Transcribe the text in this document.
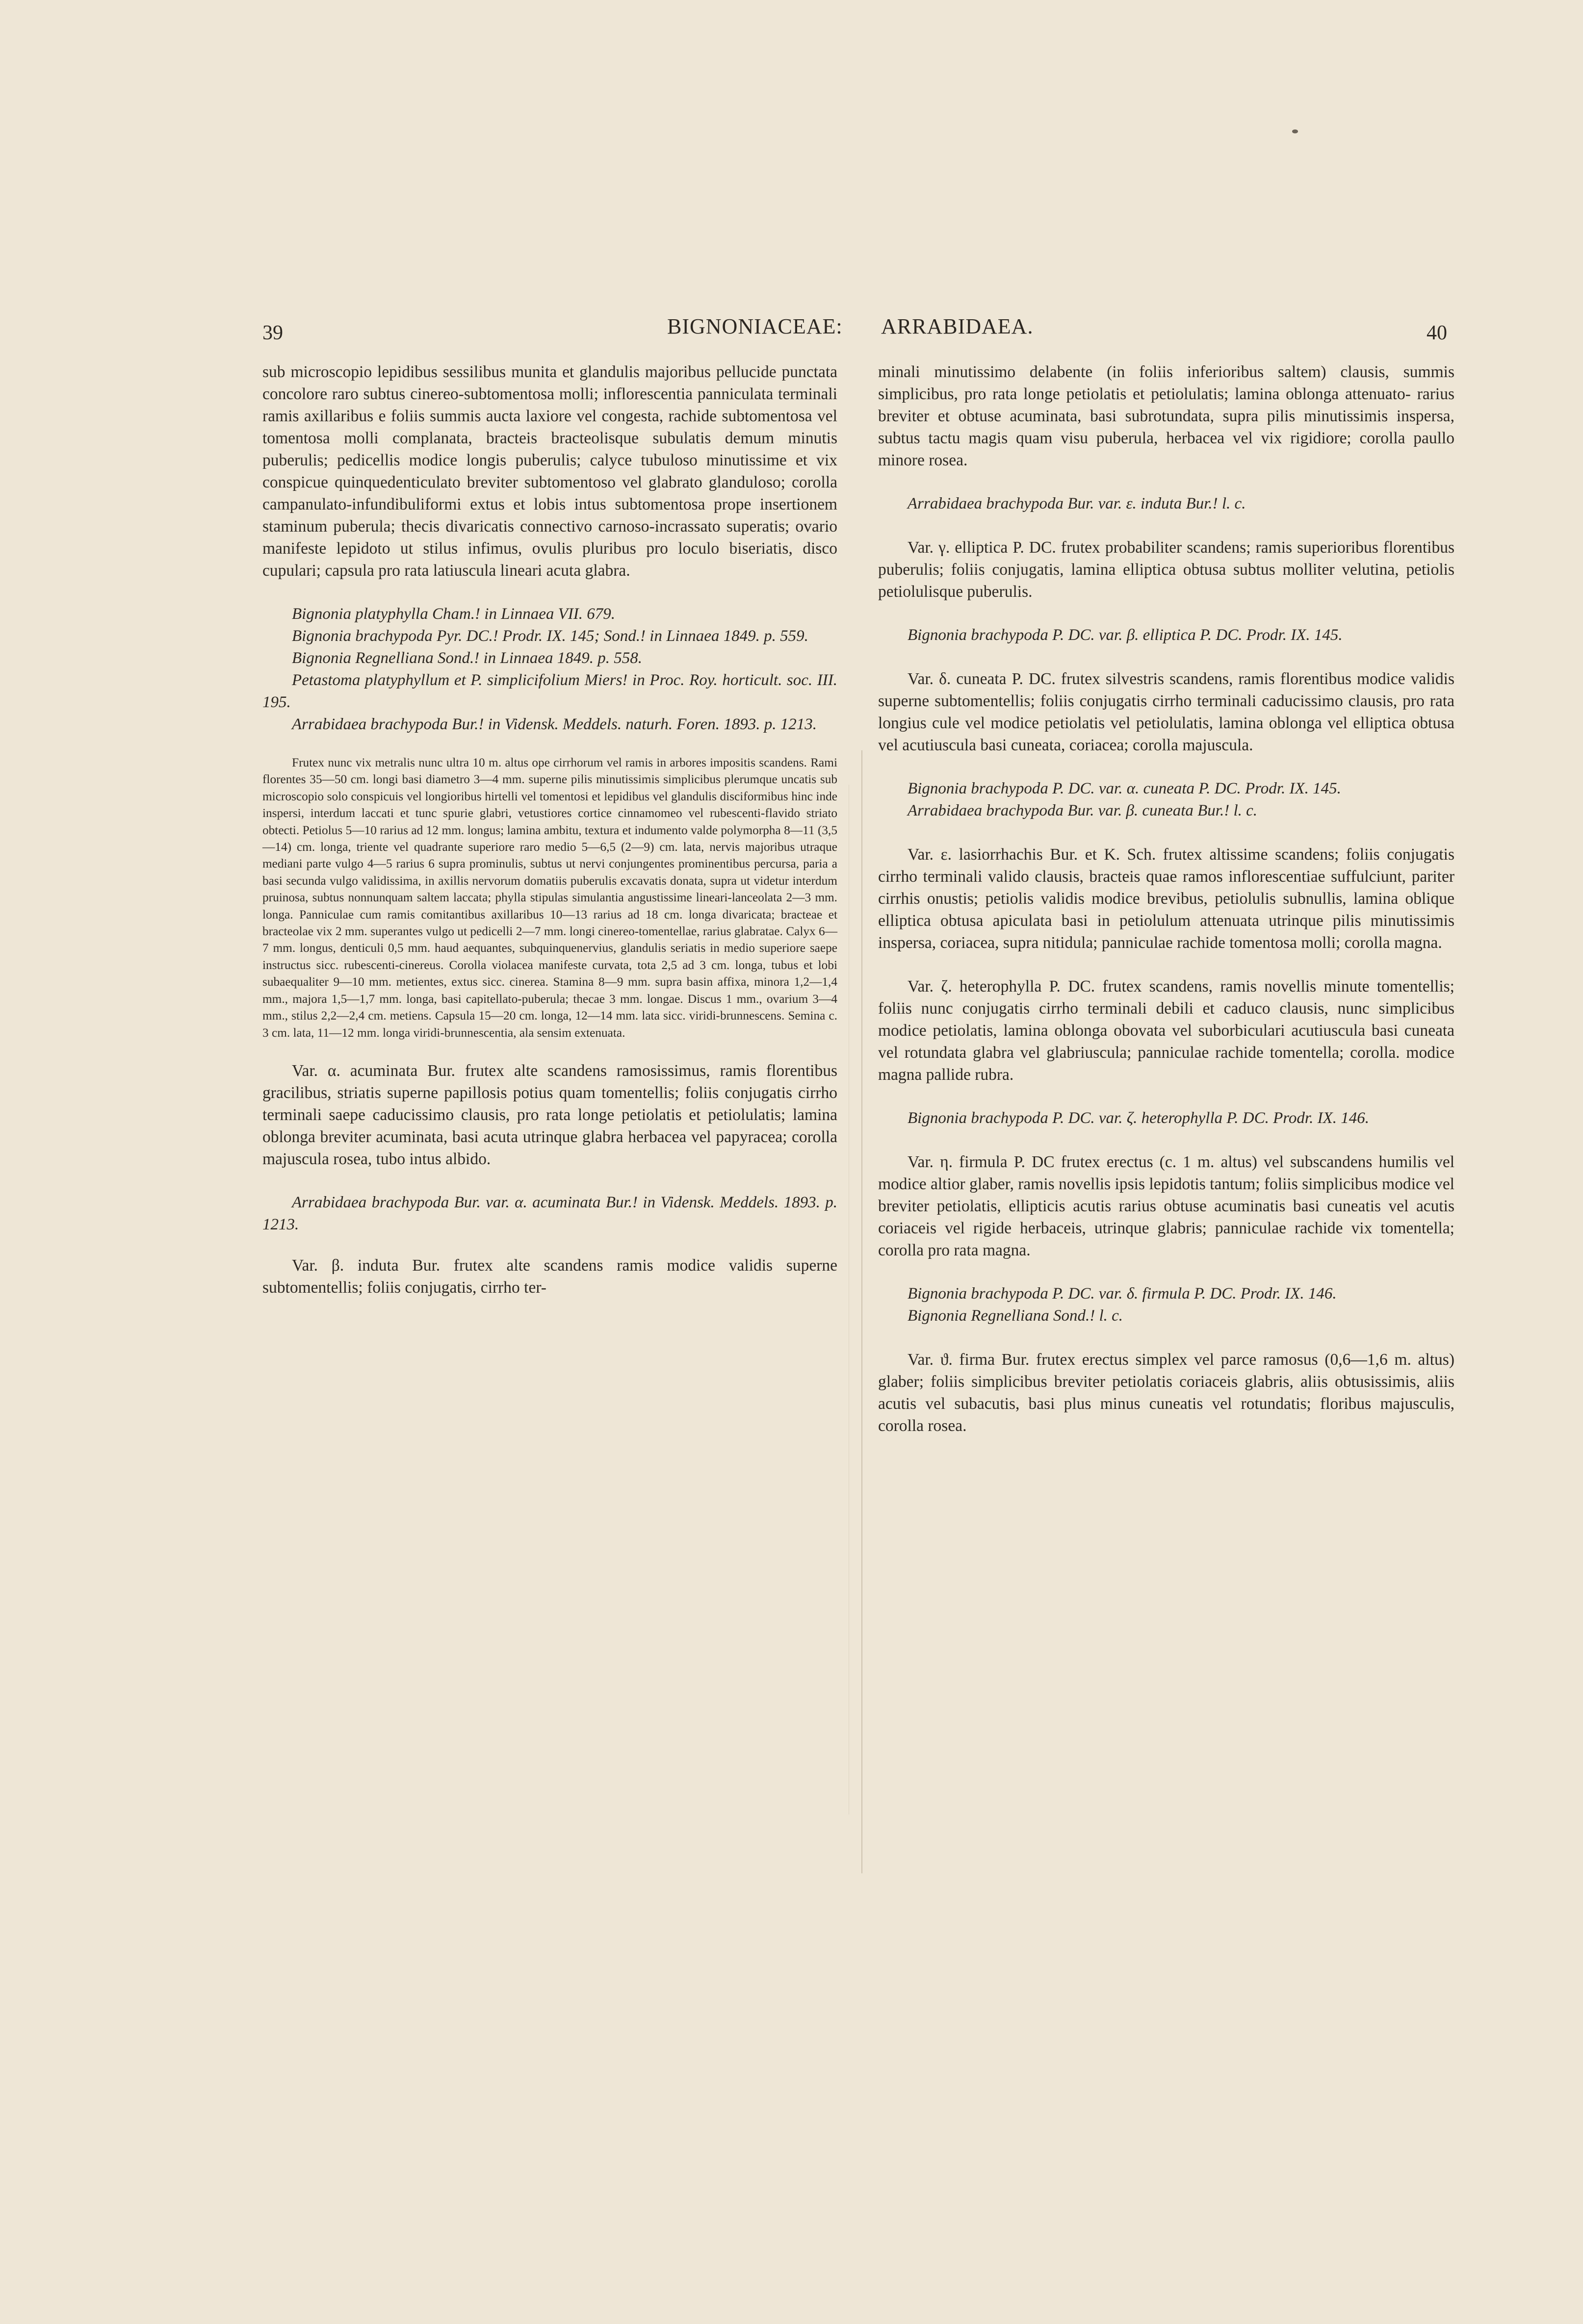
39	BIGNONIACEAE:

sub microscopio lepidibus sessilibus munita et glandulis majoribus pellucide punctata concolore raro subtus cinereo-subtomentosa molli; inflorescentia panniculata terminali ramis axillaribus e foliis summis aucta laxiore vel congesta, rachide subtomentosa vel tomentosa molli complanata, bracteis bracteolisque subulatis demum minutis puberulis; pedicellis modice longis puberulis; calyce tubuloso minutissime et vix conspicue quinquedenticulato breviter subtomentoso vel glabrato glanduloso; corolla campanulato-infundibuliformi extus et lobis intus subtomentosa prope insertionem staminum puberula; thecis divaricatis connectivo carnoso-incrassato superatis; ovario manifeste lepidoto ut stilus infimus, ovulis pluribus pro loculo biseriatis, disco cupulari; capsula pro rata latiuscula lineari acuta glabra.

Bignonia platyphylla Cham.! in Linnaea VII. 679.

Bignonia brachypoda Pyr. DC.! Prodr. IX. 145; Sond.! in Linnaea 1849. p. 559.

Bignonia Regnelliana Sond.! in Linnaea 1849. p. 558.

Petastoma platyphyllum et P. simplicifolium Miers! in Proc. Roy. horticult. soc. III. 195.

Arrabidaea brachypoda Bur.! in Vidensk. Meddels. naturh. Foren. 1893. p. 1213.

Frutex nunc vix metralis nunc ultra 10 m. altus ope cirrhorum vel ramis in arbores impositis scandens. Rami florentes 35—50 cm. longi basi diametro 3—4 mm. superne pilis minutissimis simplicibus plerumque uncatis sub microscopio solo conspicuis vel longioribus hirtelli vel tomentosi et lepidibus vel glandulis disciformibus hinc inde inspersi, interdum laccati et tunc spurie glabri, vetustiores cortice cinnamomeo vel rubescenti-flavido striato obtecti. Petiolus 5—10 rarius ad 12 mm. longus; lamina ambitu, textura et indumento valde polymorpha 8—11 (3,5—14) cm. longa, triente vel quadrante superiore raro medio 5—6,5 (2—9) cm. lata, nervis majoribus utraque mediani parte vulgo 4—5 rarius 6 supra prominulis, subtus ut nervi conjungentes prominentibus percursa, paria a basi secunda vulgo validissima, in axillis nervorum domatiis puberulis excavatis donata, supra ut videtur interdum pruinosa, subtus nonnunquam saltem laccata; phylla stipulas simulantia angustissime lineari-lanceolata 2—3 mm. longa. Panniculae cum ramis comitantibus axillaribus 10—13 rarius ad 18 cm. longa divaricata; bracteae et bracteolae vix 2 mm. superantes vulgo ut pedicelli 2—7 mm. longi cinereo-tomentellae, rarius glabratae. Calyx 6—7 mm. longus, denticuli 0,5 mm. haud aequantes, subquinquenervius, glandulis seriatis in medio superiore saepe instructus sicc. rubescenti-cinereus. Corolla violacea manifeste curvata, tota 2,5 ad 3 cm. longa, tubus et lobi subaequaliter 9—10 mm. metientes, extus sicc. cinerea. Stamina 8—9 mm. supra basin affixa, minora 1,2—1,4 mm., majora 1,5—1,7 mm. longa, basi capitellato-puberula; thecae 3 mm. longae. Discus 1 mm., ovarium 3—4 mm., stilus 2,2—2,4 cm. metiens. Capsula 15—20 cm. longa, 12—14 mm. lata sicc. viridi-brunnescens. Semina c. 3 cm. lata, 11—12 mm. longa viridi-brunnescentia, ala sensim extenuata.

Var. α. acuminata Bur. frutex alte scandens ramosissimus, ramis florentibus gracilibus, striatis superne papillosis potius quam tomentellis; foliis conjugatis cirrho terminali saepe caducissimo clausis, pro rata longe petiolatis et petiolulatis; lamina oblonga breviter acuminata, basi acuta utrinque glabra herbacea vel papyracea; corolla majuscula rosea, tubo intus albido.

Arrabidaea brachypoda Bur. var. α. acuminata Bur.! in Vidensk. Meddels. 1893. p. 1213.

Var. β. induta Bur. frutex alte scandens ramis modice validis superne subtomentellis; foliis conjugatis, cirrho ter-

ARRABIDAEA.	40

minali minutissimo delabente (in foliis inferioribus saltem) clausis, summis simplicibus, pro rata longe petiolatis et petiolulatis; lamina oblonga attenuato- rarius breviter et obtuse acuminata, basi subrotundata, supra pilis minutissimis inspersa, subtus tactu magis quam visu puberula, herbacea vel vix rigidiore; corolla paullo minore rosea.

Arrabidaea brachypoda Bur. var. ε. induta Bur.! l. c.

Var. γ. elliptica P. DC. frutex probabiliter scandens; ramis superioribus florentibus puberulis; foliis conjugatis, lamina elliptica obtusa subtus molliter velutina, petiolis petiolulisque puberulis.

Bignonia brachypoda P. DC. var. β. elliptica P. DC. Prodr. IX. 145.

Var. δ. cuneata P. DC. frutex silvestris scandens, ramis florentibus modice validis superne subtomentellis; foliis conjugatis cirrho terminali caducissimo clausis, pro rata longius cule vel modice petiolatis vel petiolulatis, lamina oblonga vel elliptica obtusa vel acutiuscula basi cuneata, coriacea; corolla majuscula.

Bignonia brachypoda P. DC. var. α. cuneata P. DC. Prodr. IX. 145.

Arrabidaea brachypoda Bur. var. β. cuneata Bur.! l. c.

Var. ε. lasiorrhachis Bur. et K. Sch. frutex altissime scandens; foliis conjugatis cirrho terminali valido clausis, bracteis quae ramos inflorescentiae suffulciunt, pariter cirrhis onustis; petiolis validis modice brevibus, petiolulis subnullis, lamina oblique elliptica obtusa apiculata basi in petiolulum attenuata utrinque pilis minutissimis inspersa, coriacea, supra nitidula; panniculae rachide tomentosa molli; corolla magna.

Var. ζ. heterophylla P. DC. frutex scandens, ramis novellis minute tomentellis; foliis nunc conjugatis cirrho terminali debili et caduco clausis, nunc simplicibus modice petiolatis, lamina oblonga obovata vel suborbiculari acutiuscula basi cuneata vel rotundata glabra vel glabriuscula; panniculae rachide tomentella; corolla. modice magna pallide rubra.

Bignonia brachypoda P. DC. var. ζ. heterophylla P. DC. Prodr. IX. 146.

Var. η. firmula P. DC frutex erectus (c. 1 m. altus) vel subscandens humilis vel modice altior glaber, ramis novellis ipsis lepidotis tantum; foliis simplicibus modice vel breviter petiolatis, ellipticis acutis rarius obtuse acuminatis basi cuneatis vel acutis coriaceis vel rigide herbaceis, utrinque glabris; panniculae rachide vix tomentella; corolla pro rata magna.

Bignonia brachypoda P. DC. var. δ. firmula P. DC. Prodr. IX. 146.

Bignonia Regnelliana Sond.! l. c.

Var. ϑ. firma Bur. frutex erectus simplex vel parce ramosus (0,6—1,6 m. altus) glaber; foliis simplicibus breviter petiolatis coriaceis glabris, aliis obtusissimis, aliis acutis vel subacutis, basi plus minus cuneatis vel rotundatis; floribus majusculis, corolla rosea.
